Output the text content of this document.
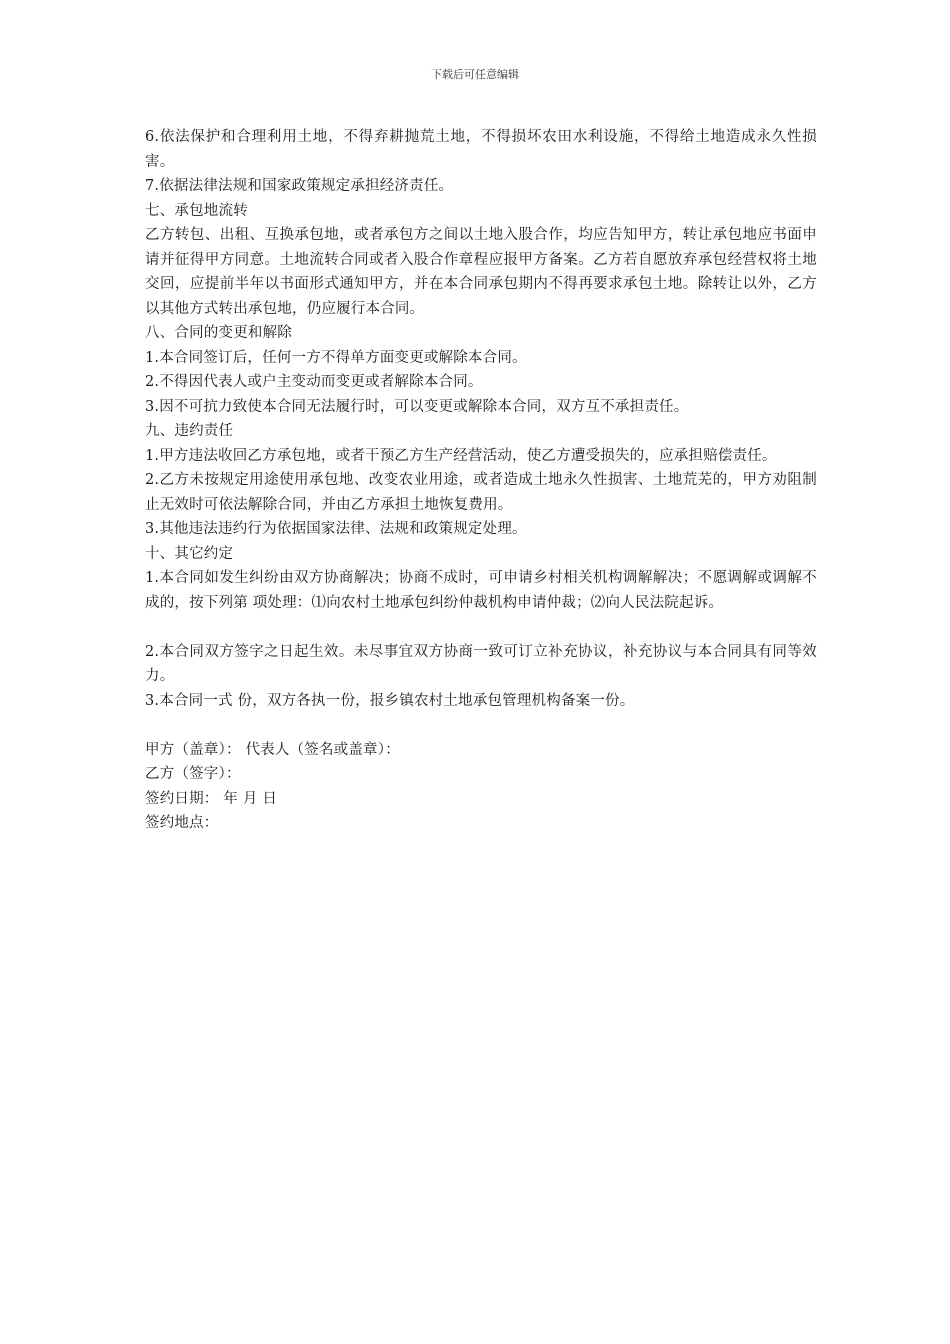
下载后可任意编辑

6.依法保护和合理利用土地，不得弃耕抛荒土地，不得损坏农田水利设施，不得给土地造成永久性损害。

7.依据法律法规和国家政策规定承担经济责任。

七、承包地流转

乙方转包、出租、互换承包地，或者承包方之间以土地入股合作，均应告知甲方，转让承包地应书面申请并征得甲方同意。土地流转合同或者入股合作章程应报甲方备案。乙方若自愿放弃承包经营权将土地交回，应提前半年以书面形式通知甲方，并在本合同承包期内不得再要求承包土地。除转让以外，乙方以其他方式转出承包地，仍应履行本合同。

八、合同的变更和解除

1.本合同签订后，任何一方不得单方面变更或解除本合同。

2.不得因代表人或户主变动而变更或者解除本合同。

3.因不可抗力致使本合同无法履行时，可以变更或解除本合同，双方互不承担责任。

九、违约责任

1.甲方违法收回乙方承包地，或者干预乙方生产经营活动，使乙方遭受损失的，应承担赔偿责任。

2.乙方未按规定用途使用承包地、改变农业用途，或者造成土地永久性损害、土地荒芜的，甲方劝阻制止无效时可依法解除合同，并由乙方承担土地恢复费用。

3.其他违法违约行为依据国家法律、法规和政策规定处理。

十、其它约定

1.本合同如发生纠纷由双方协商解决；协商不成时，可申请乡村相关机构调解解决；不愿调解或调解不成的，按下列第 项处理：⑴向农村土地承包纠纷仲裁机构申请仲裁；⑵向人民法院起诉。

2.本合同双方签字之日起生效。未尽事宜双方协商一致可订立补充协议，补充协议与本合同具有同等效力。

3.本合同一式 份，双方各执一份，报乡镇农村土地承包管理机构备案一份。

甲方（盖章）： 代表人（签名或盖章）：

乙方（签字）：

签约日期： 年 月 日

签约地点：
